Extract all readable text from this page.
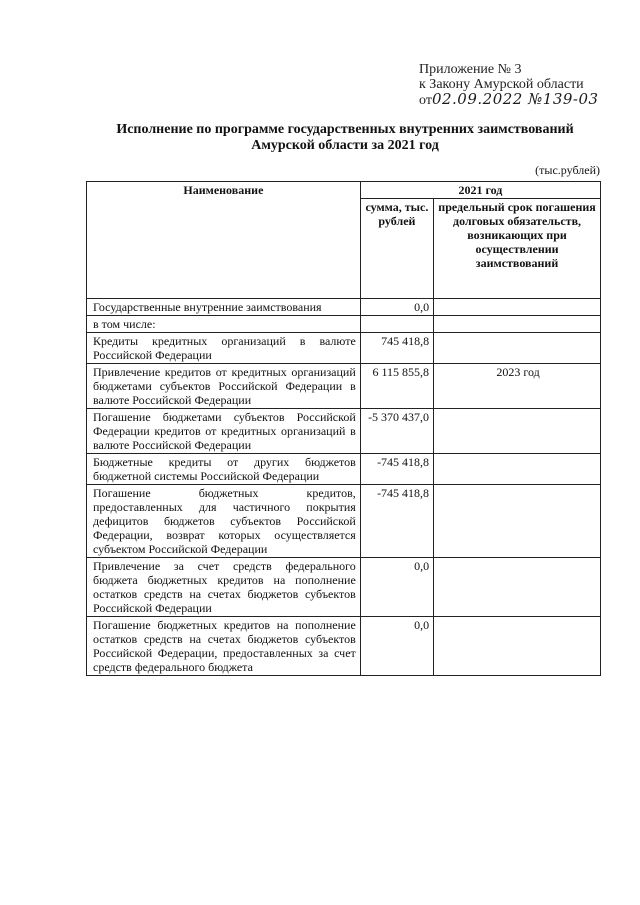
Приложение № 3
к Закону Амурской области
от02.09.2022 №139-03
Исполнение по программе государственных внутренних заимствований
Амурской области за 2021 год
(тыс.рублей)
Наименование	2021 год	
	сумма, тыс. рублей	предельный срок погашения долговых обязательств, возникающих при осуществлении заимствований
Государственные внутренние заимствования	0,0	
в том числе:		
Кредиты кредитных организаций в валюте Российской Федерации	745 418,8	
Привлечение кредитов от кредитных организаций бюджетами субъектов Российской Федерации в валюте Российской Федерации	6 115 855,8	2023 год
Погашение бюджетами субъектов Российской Федерации кредитов от кредитных организаций в валюте Российской Федерации	-5 370 437,0	
Бюджетные кредиты от других бюджетов бюджетной системы Российской Федерации	-745 418,8	
Погашение бюджетных кредитов, предоставленных для частичного покрытия дефицитов бюджетов субъектов Российской Федерации, возврат которых осуществляется субъектом Российской Федерации	-745 418,8	
Привлечение за счет средств федерального бюджета бюджетных кредитов на пополнение остатков средств на счетах бюджетов субъектов Российской Федерации	0,0	
Погашение бюджетных кредитов на пополнение остатков средств на счетах бюджетов субъектов Российской Федерации, предоставленных за счет средств федерального бюджета	0,0	
